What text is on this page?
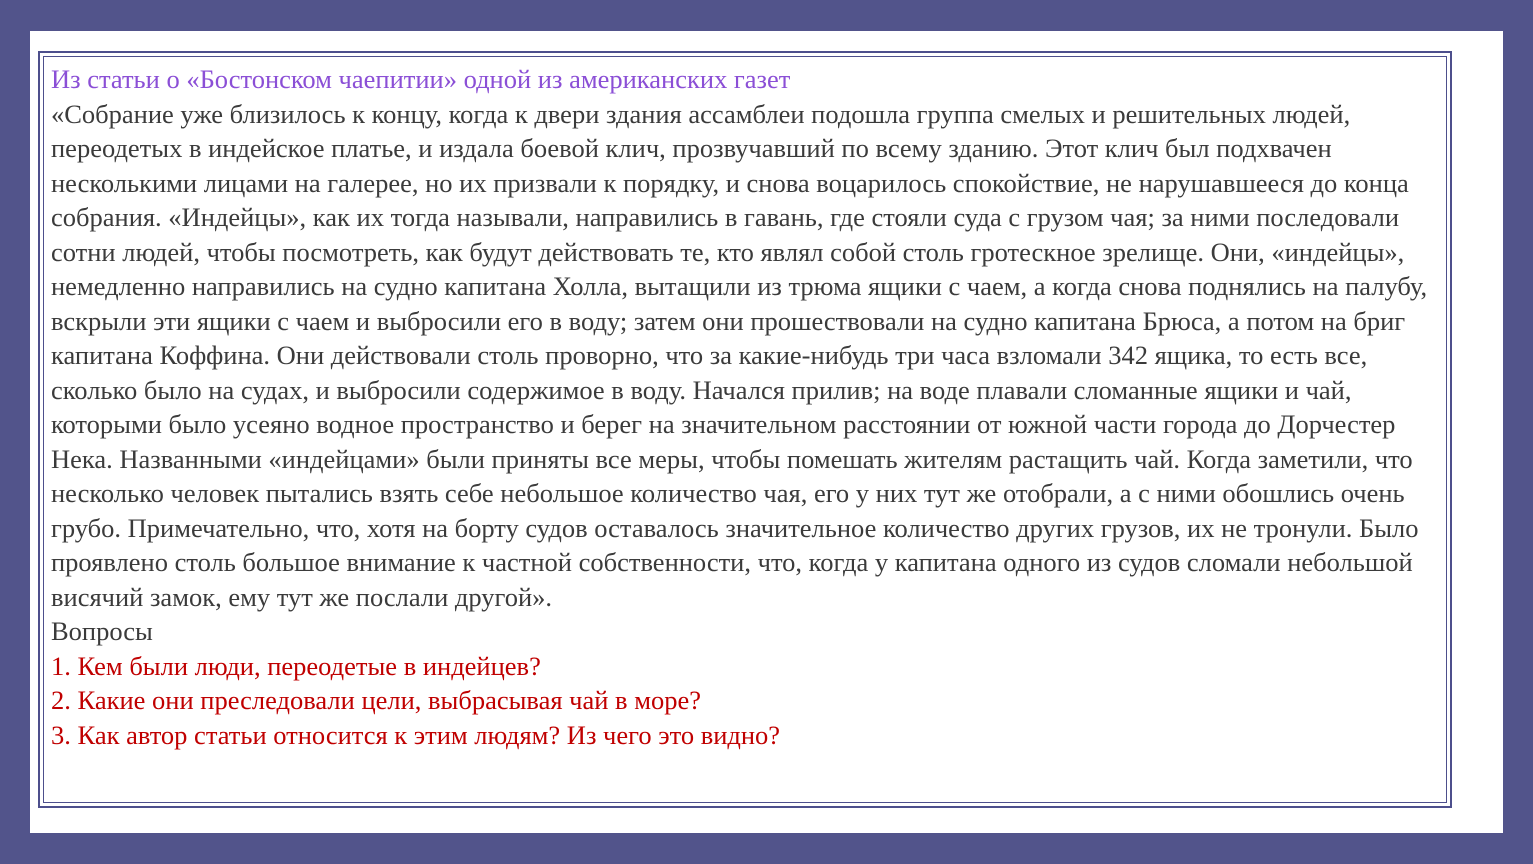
Из статьи о «Бостонском чаепитии» одной из американских газет
«Собрание уже близилось к концу, когда к двери здания ассамблеи подошла группа смелых и решительных людей, переодетых в индейское платье, и издала боевой клич, прозвучавший по всему зданию. Этот клич был подхвачен несколькими лицами на галерее, но их призвали к порядку, и снова воцарилось спокойствие, не нарушавшееся до конца собрания. «Индейцы», как их тогда называли, направились в гавань, где стояли суда с грузом чая; за ними последовали сотни людей, чтобы посмотреть, как будут действовать те, кто являл собой столь гротескное зрелище. Они, «индейцы», немедленно направились на судно капитана Холла, вытащили из трюма ящики с чаем, а когда снова поднялись на палубу, вскрыли эти ящики с чаем и выбросили его в воду; затем они прошествовали на судно капитана Брюса, а потом на бриг капитана Коффина. Они действовали столь проворно, что за какие-нибудь три часа взломали 342 ящика, то есть все, сколько было на судах, и выбросили содержимое в воду. Начался прилив; на воде плавали сломанные ящики и чай, которыми было усеяно водное пространство и берег на значительном расстоянии от южной части города до Дорчестер Нека. Названными «индейцами» были приняты все меры, чтобы помешать жителям растащить чай. Когда заметили, что несколько человек пытались взять себе небольшое количество чая, его у них тут же отобрали, а с ними обошлись очень грубо. Примечательно, что, хотя на борту судов оставалось значительное количество других грузов, их не тронули. Было проявлено столь большое внимание к частной собственности, что, когда у капитана одного из судов сломали небольшой висячий замок, ему тут же послали другой».
Вопросы
1. Кем были люди, переодетые в индейцев?
2. Какие они преследовали цели, выбрасывая чай в море?
3. Как автор статьи относится к этим людям? Из чего это видно?
